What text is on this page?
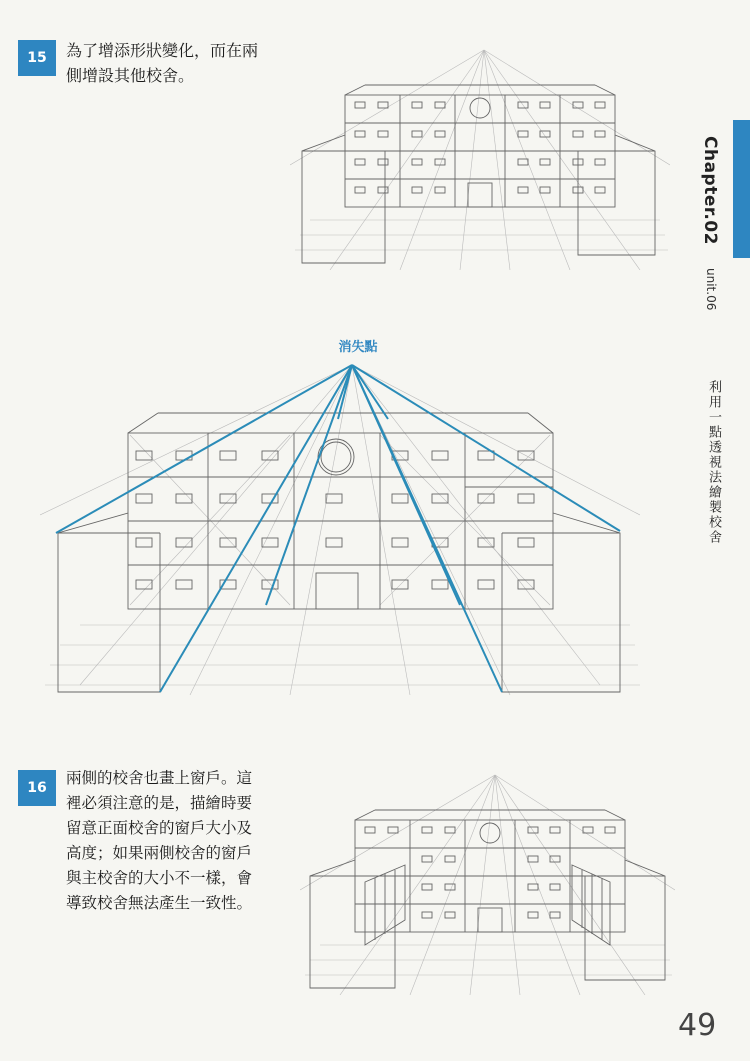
15	為了增添形狀變化，而在兩
側增設其他校舍。
Chapter.02
unit.06
利用一點透視法繪製校舍
消失點
16
兩側的校舍也畫上窗戶。這
裡必須注意的是，描繪時要
留意正面校舍的窗戶大小及
高度；如果兩側校舍的窗戶
與主校舍的大小不一樣，會
導致校舍無法產生一致性。
49
